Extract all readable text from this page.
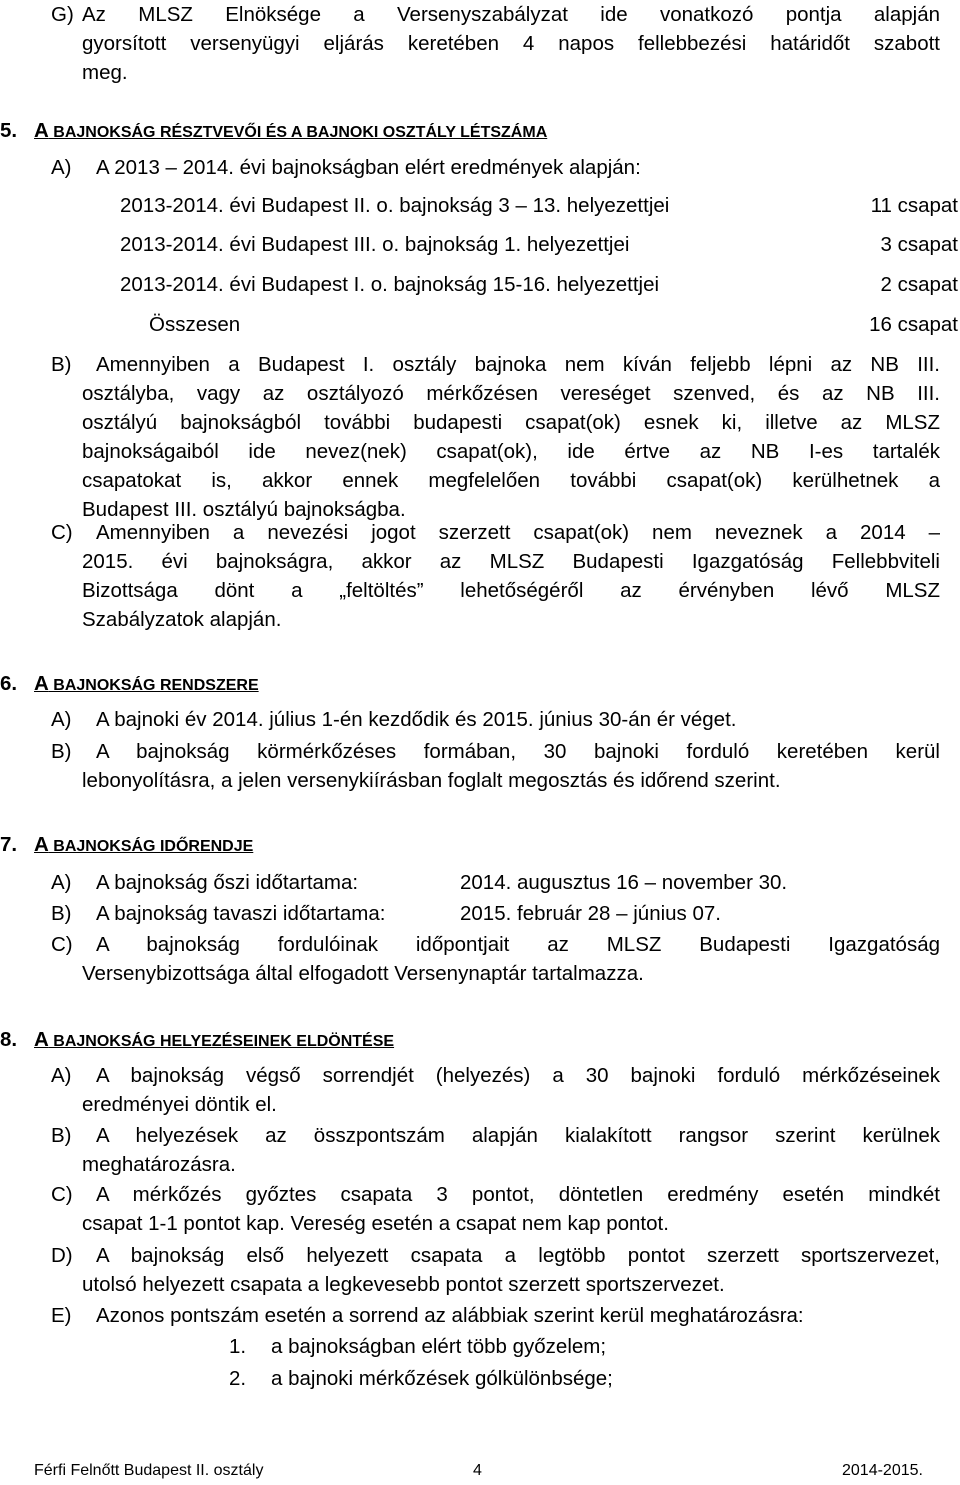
G) Az MLSZ Elnöksége a Versenyszabályzat ide vonatkozó pontja alapján
gyorsított versenyügyi eljárás keretében 4 napos fellebbezési határidőt szabott
meg.
5. A BAJNOKSÁG RÉSZTVEVŐI ÉS A BAJNOKI OSZTÁLY LÉTSZÁMA
A) A 2013 – 2014. évi bajnokságban elért eredmények alapján:
2013-2014. évi Budapest II. o. bajnokság 3 – 13. helyezettjei	11 csapat
2013-2014. évi Budapest III. o. bajnokság 1. helyezettjei	3 csapat
2013-2014. évi Budapest I. o. bajnokság 15-16. helyezettjei	2 csapat
Összesen	16 csapat
B) Amennyiben a Budapest I. osztály bajnoka nem kíván feljebb lépni az NB III.
osztályba, vagy az osztályozó mérkőzésen vereséget szenved, és az NB III.
osztályú bajnokságból további budapesti csapat(ok) esnek ki, illetve az MLSZ
bajnokságaiból ide nevez(nek) csapat(ok), ide értve az NB I-es tartalék
csapatokat is, akkor ennek megfelelően további csapat(ok) kerülhetnek a
Budapest III. osztályú bajnokságba.
C) Amennyiben a nevezési jogot szerzett csapat(ok) nem neveznek a 2014 –
2015. évi bajnokságra, akkor az MLSZ Budapesti Igazgatóság Fellebbviteli
Bizottsága dönt a „feltöltés” lehetőségéről az érvényben lévő MLSZ
Szabályzatok alapján.
6. A BAJNOKSÁG RENDSZERE
A) A bajnoki év 2014. július 1-én kezdődik és 2015. június 30-án ér véget.
B) A bajnokság körmérkőzéses formában, 30 bajnoki forduló keretében kerül
lebonyolításra, a jelen versenykiírásban foglalt megosztás és időrend szerint.
7. A BAJNOKSÁG IDŐRENDJE
A) A bajnokság őszi időtartama:	2014. augusztus 16 – november 30.
B) A bajnokság tavaszi időtartama:	2015. február 28 – június 07.
C) A bajnokság fordulóinak időpontjait az MLSZ Budapesti Igazgatóság
Versenybizottsága által elfogadott Versenynaptár tartalmazza.
8. A BAJNOKSÁG HELYEZÉSEINEK ELDÖNTÉSE
A) A bajnokság végső sorrendjét (helyezés) a 30 bajnoki forduló mérkőzéseinek
eredményei döntik el.
B) A helyezések az összpontszám alapján kialakított rangsor szerint kerülnek
meghatározásra.
C) A mérkőzés győztes csapata 3 pontot, döntetlen eredmény esetén mindkét
csapat 1-1 pontot kap. Vereség esetén a csapat nem kap pontot.
D) A bajnokság első helyezett csapata a legtöbb pontot szerzett sportszervezet,
utolsó helyezett csapata a legkevesebb pontot szerzett sportszervezet.
E) Azonos pontszám esetén a sorrend az alábbiak szerint kerül meghatározásra:
1. a bajnokságban elért több győzelem;
2. a bajnoki mérkőzések gólkülönbsége;
Férfi Felnőtt Budapest II. osztály	4	2014-2015.
